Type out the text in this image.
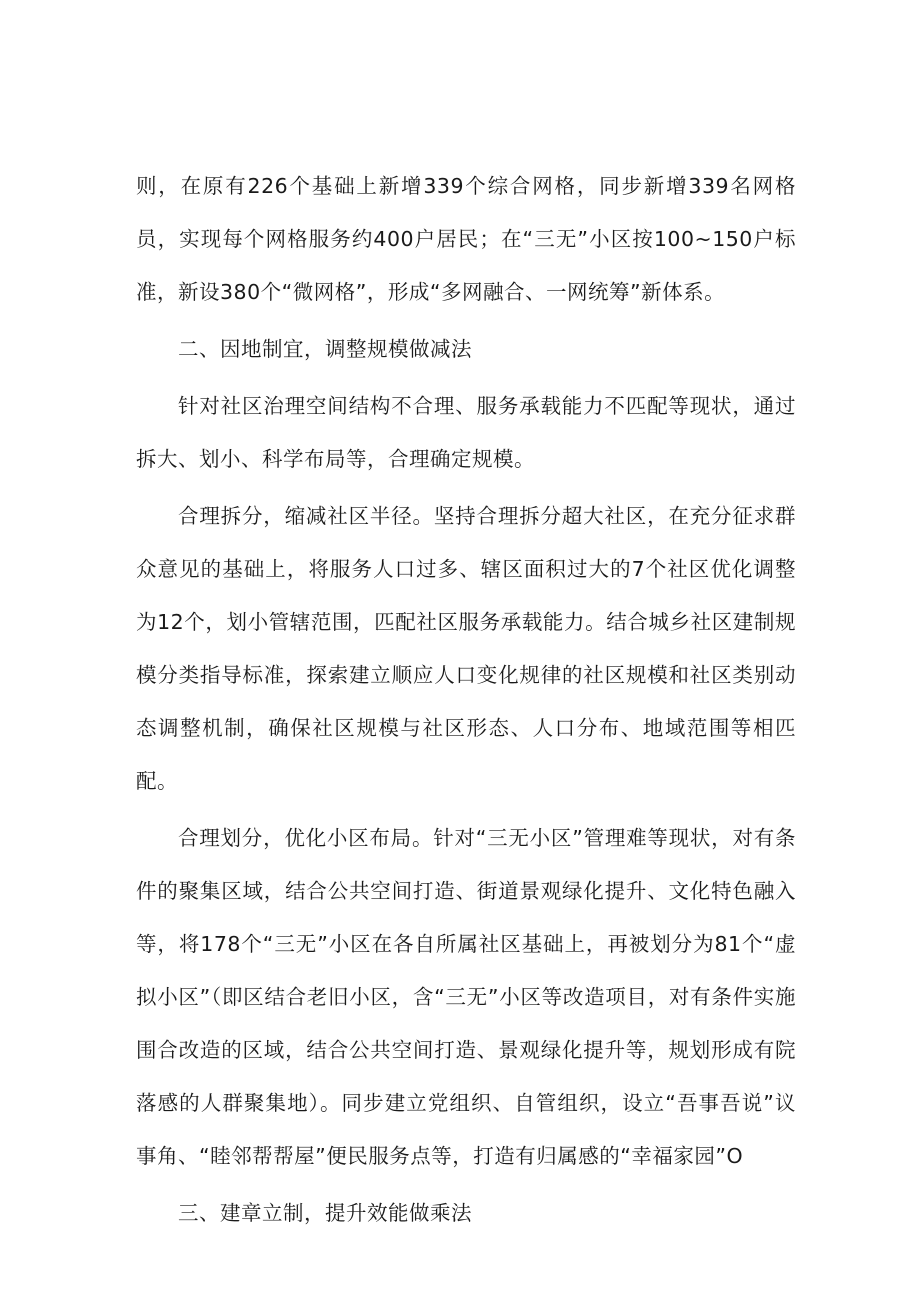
则，在原有226个基础上新增339个综合网格，同步新增339名网格员，实现每个网格服务约400户居民；在“三无”小区按100~150户标准，新设380个“微网格”，形成“多网融合、一网统筹”新体系。

二、因地制宜，调整规模做减法

针对社区治理空间结构不合理、服务承载能力不匹配等现状，通过拆大、划小、科学布局等，合理确定规模。

合理拆分，缩减社区半径。坚持合理拆分超大社区，在充分征求群众意见的基础上，将服务人口过多、辖区面积过大的7个社区优化调整为12个，划小管辖范围，匹配社区服务承载能力。结合城乡社区建制规模分类指导标准，探索建立顺应人口变化规律的社区规模和社区类别动态调整机制，确保社区规模与社区形态、人口分布、地域范围等相匹配。

合理划分，优化小区布局。针对“三无小区”管理难等现状，对有条件的聚集区域，结合公共空间打造、街道景观绿化提升、文化特色融入等，将178个“三无”小区在各自所属社区基础上，再被划分为81个“虚拟小区”（即区结合老旧小区，含“三无”小区等改造项目，对有条件实施围合改造的区域，结合公共空间打造、景观绿化提升等，规划形成有院落感的人群聚集地）。同步建立党组织、自管组织，设立“吾事吾说”议事角、“睦邻帮帮屋”便民服务点等，打造有归属感的“幸福家园”O

三、建章立制，提升效能做乘法
